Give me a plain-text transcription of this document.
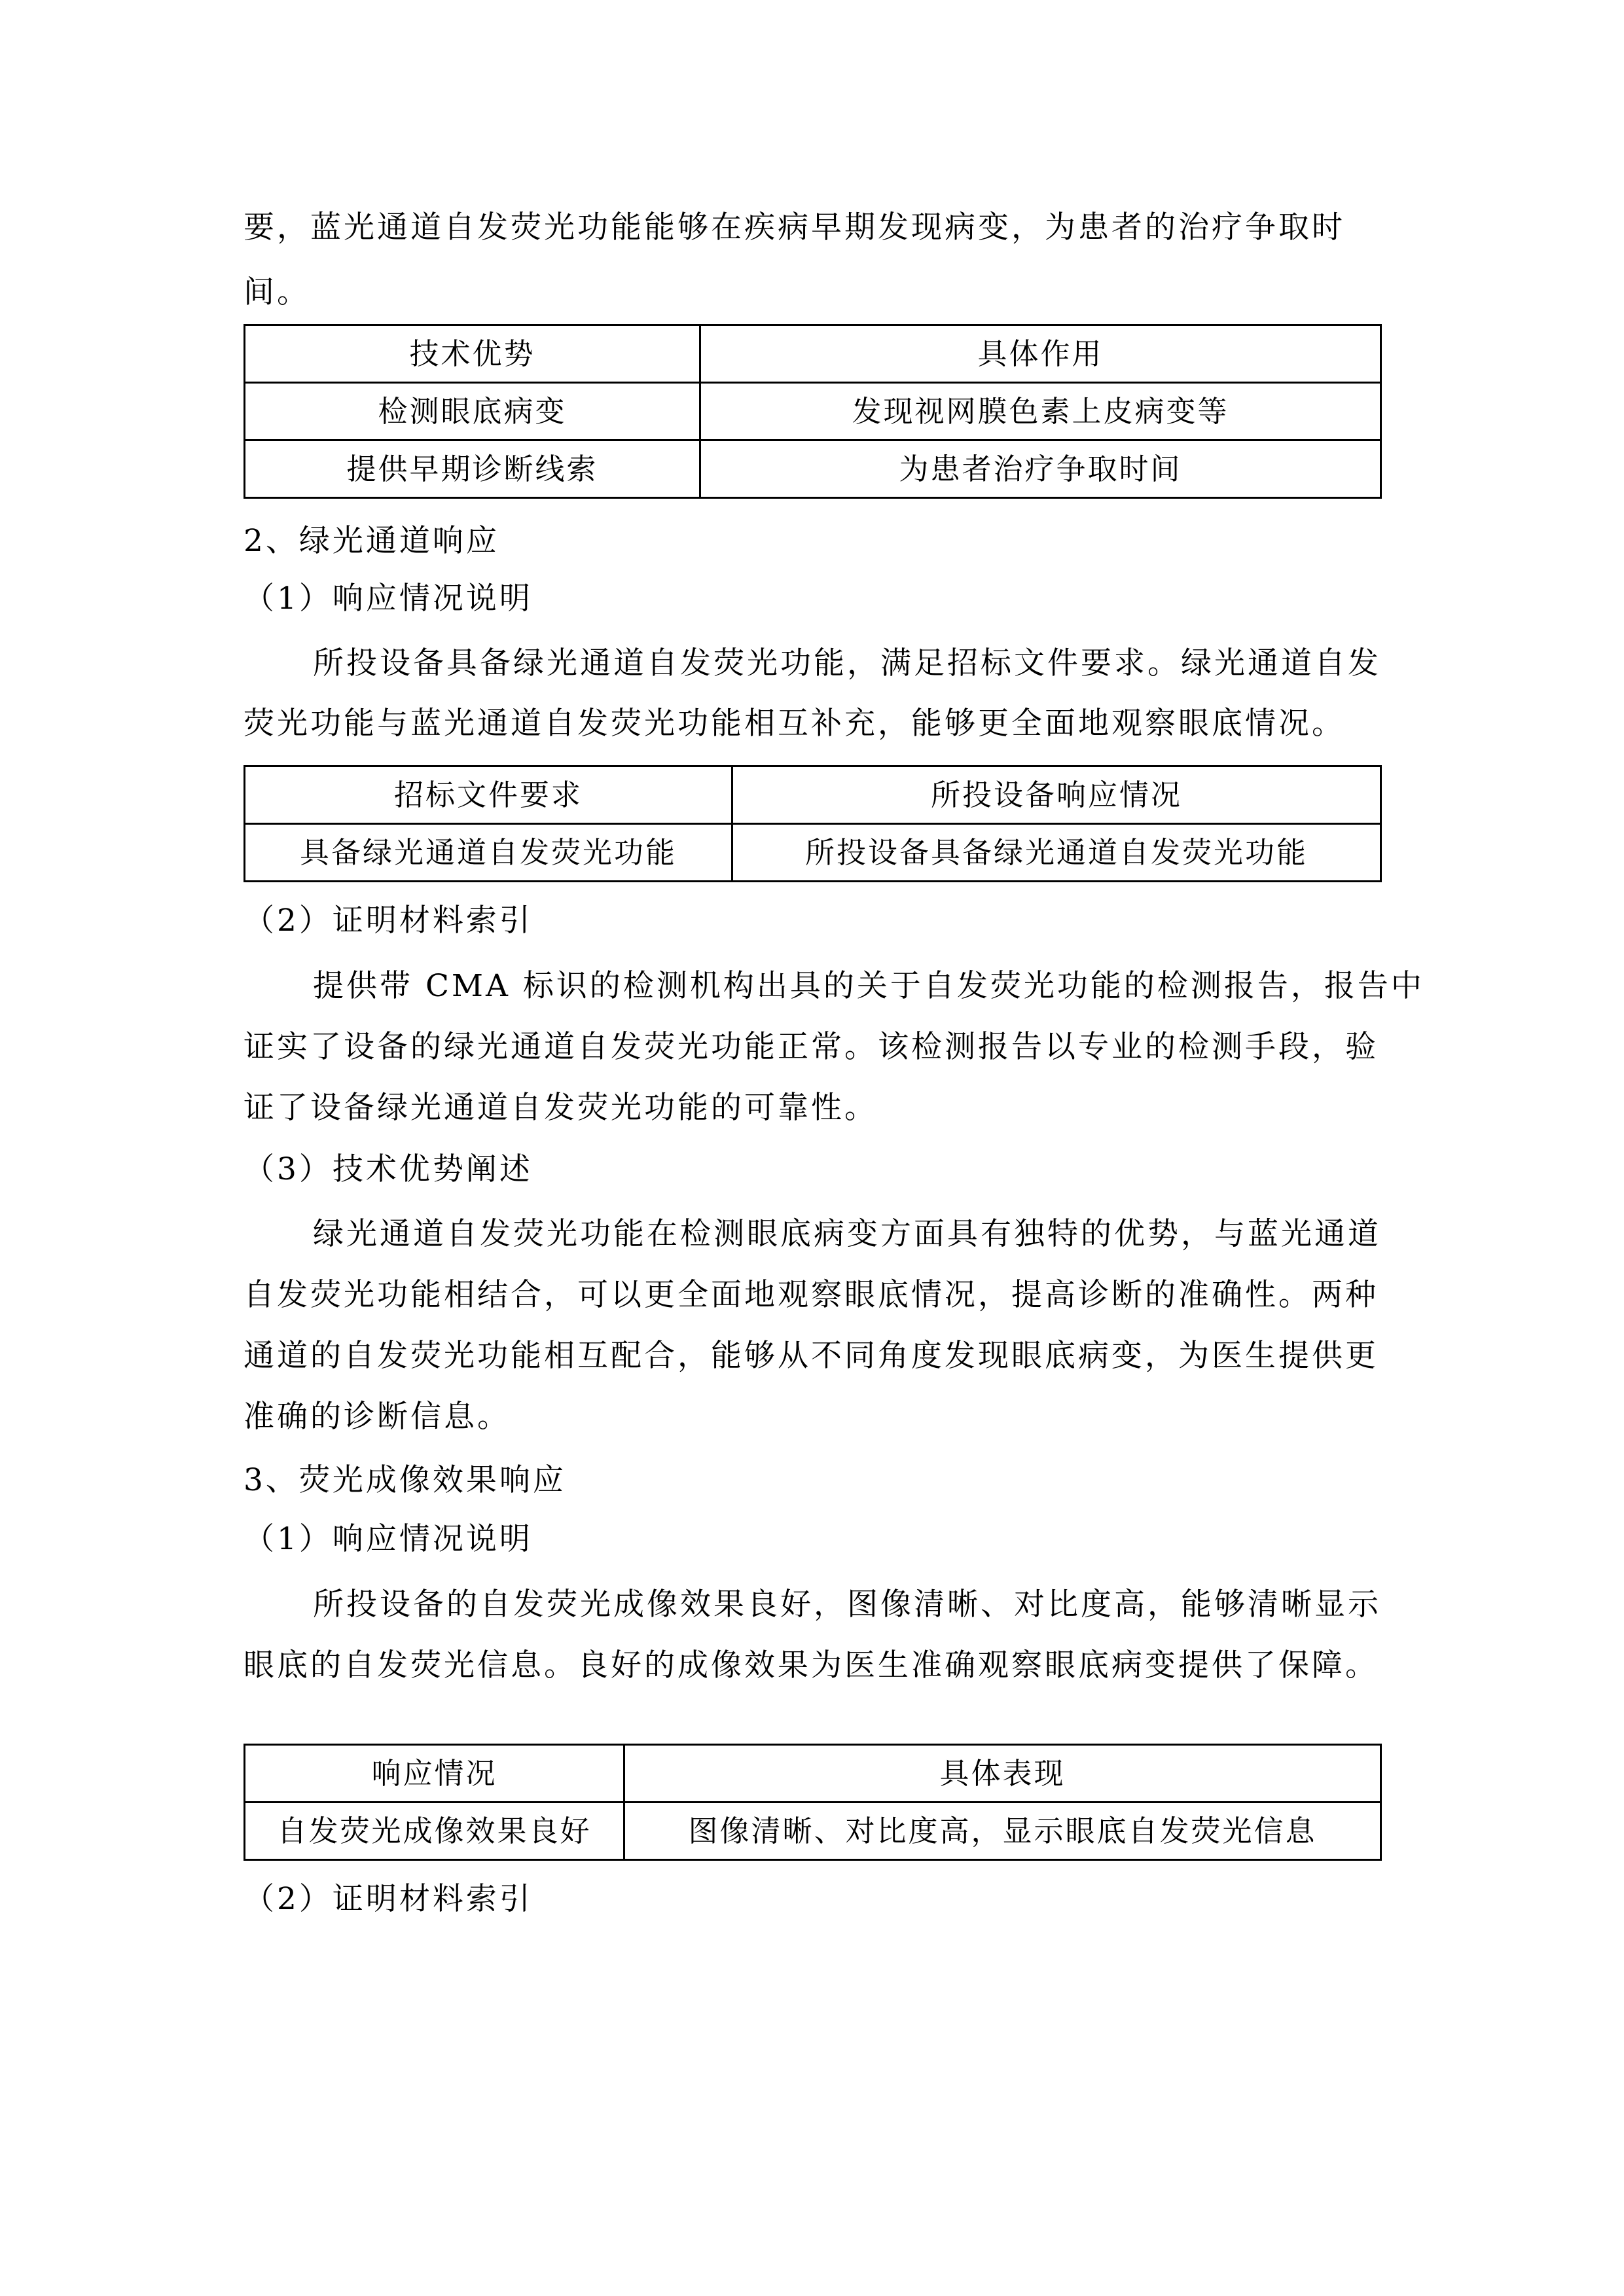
要，蓝光通道自发荧光功能能够在疾病早期发现病变，为患者的治疗争取时
间。
技术优势	具体作用
检测眼底病变	发现视网膜色素上皮病变等
提供早期诊断线索	为患者治疗争取时间
2、绿光通道响应
（1）响应情况说明
所投设备具备绿光通道自发荧光功能，满足招标文件要求。绿光通道自发
荧光功能与蓝光通道自发荧光功能相互补充，能够更全面地观察眼底情况。
招标文件要求	所投设备响应情况
具备绿光通道自发荧光功能	所投设备具备绿光通道自发荧光功能
（2）证明材料索引
提供带 CMA 标识的检测机构出具的关于自发荧光功能的检测报告，报告中
证实了设备的绿光通道自发荧光功能正常。该检测报告以专业的检测手段，验
证了设备绿光通道自发荧光功能的可靠性。
（3）技术优势阐述
绿光通道自发荧光功能在检测眼底病变方面具有独特的优势，与蓝光通道
自发荧光功能相结合，可以更全面地观察眼底情况，提高诊断的准确性。两种
通道的自发荧光功能相互配合，能够从不同角度发现眼底病变，为医生提供更
准确的诊断信息。
3、荧光成像效果响应
（1）响应情况说明
所投设备的自发荧光成像效果良好，图像清晰、对比度高，能够清晰显示
眼底的自发荧光信息。良好的成像效果为医生准确观察眼底病变提供了保障。
响应情况	具体表现
自发荧光成像效果良好	图像清晰、对比度高，显示眼底自发荧光信息
（2）证明材料索引
